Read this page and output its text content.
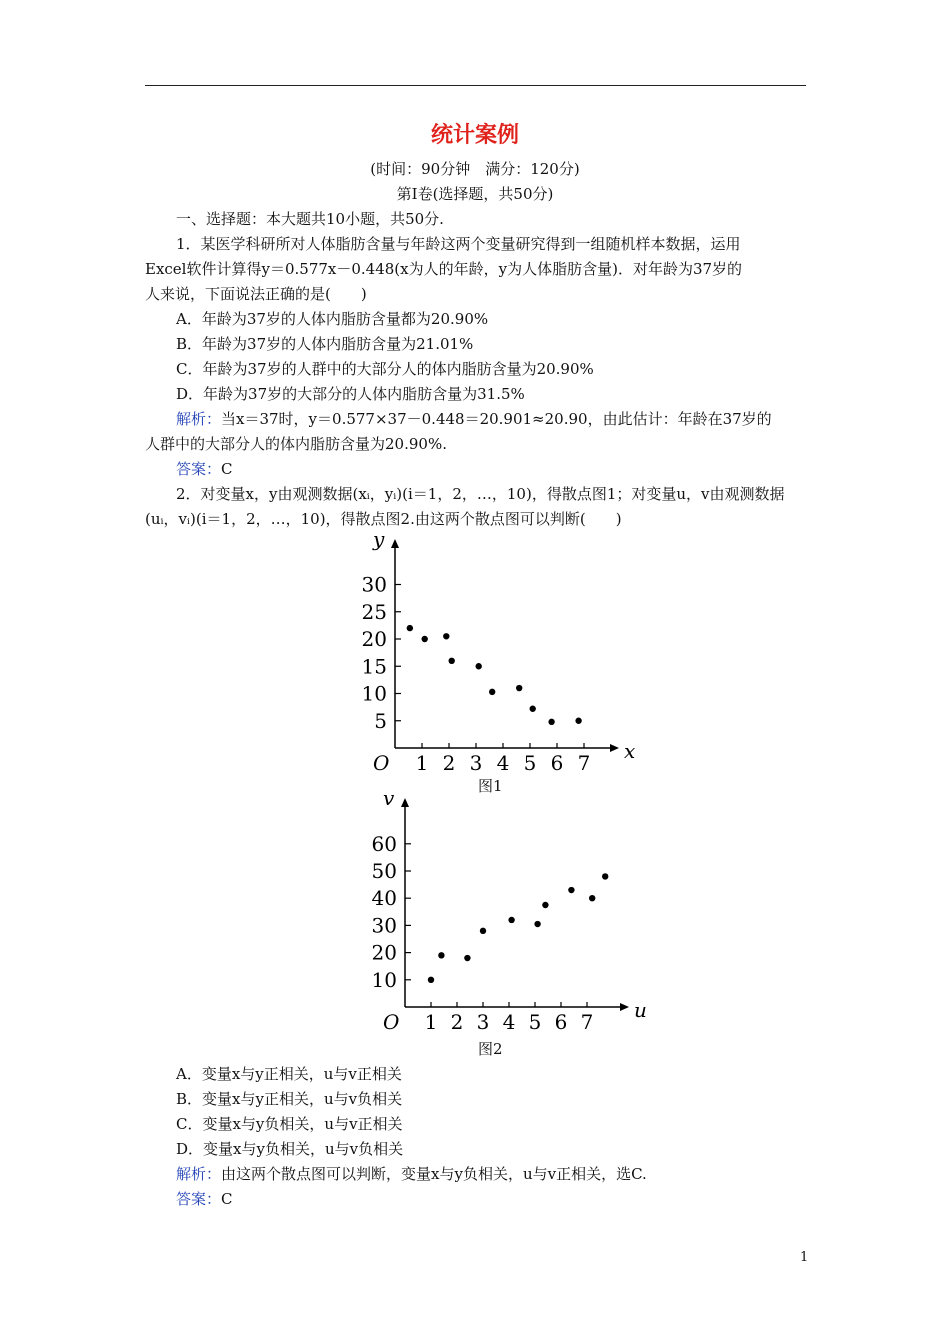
统计案例
(时间：90分钟　满分：120分)
第Ⅰ卷(选择题，共50分)
一、选择题：本大题共10小题，共50分.
1．某医学科研所对人体脂肪含量与年龄这两个变量研究得到一组随机样本数据，运用
Excel软件计算得y＝0.577x－0.448(x为人的年龄，y为人体脂肪含量)．对年龄为37岁的
人来说，下面说法正确的是(　　)
A．年龄为37岁的人体内脂肪含量都为20.90%
B．年龄为37岁的人体内脂肪含量为21.01%
C．年龄为37岁的人群中的大部分人的体内脂肪含量为20.90%
D．年龄为37岁的大部分的人体内脂肪含量为31.5%
解析：当x＝37时，y＝0.577×37－0.448＝20.901≈20.90，由此估计：年龄在37岁的
人群中的大部分人的体内脂肪含量为20.90%.
答案：C
2．对变量x，y由观测数据(xᵢ，yᵢ)(i＝1，2，…，10)，得散点图1；对变量u，v由观测数据
(uᵢ，vᵢ)(i＝1，2，…，10)，得散点图2.由这两个散点图可以判断(　　)
x
y
O 1 2 3 4 5 6 7
5
10
15
20
25
30
图1
u
v
O 1 2 3 4 5 6 7
10
20
30
40
50
60
图2
A．变量x与y正相关，u与v正相关
B．变量x与y正相关，u与v负相关
C．变量x与y负相关，u与v正相关
D．变量x与y负相关，u与v负相关
解析：由这两个散点图可以判断，变量x与y负相关，u与v正相关，选C.
答案：C
1
